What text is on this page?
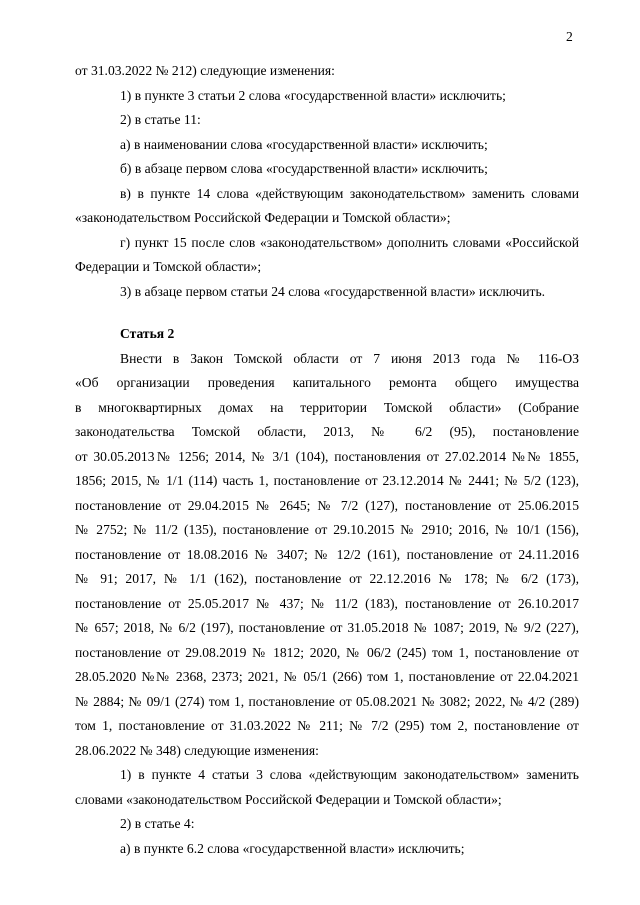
2
от 31.03.2022 № 212) следующие изменения:
1) в пункте 3 статьи 2 слова «государственной власти» исключить;
2) в статье 11:
а) в наименовании слова «государственной власти» исключить;
б) в абзаце первом слова «государственной власти» исключить;
в) в пункте 14 слова «действующим законодательством» заменить словами
«законодательством Российской Федерации и Томской области»;
г) пункт 15 после слов «законодательством» дополнить словами «Российской
Федерации и Томской области»;
3) в абзаце первом статьи 24 слова «государственной власти» исключить.
Статья 2
Внести в Закон Томской области от 7 июня 2013 года № 116-ОЗ
«Об организации проведения капитального ремонта общего имущества
в многоквартирных домах на территории Томской области» (Собрание
законодательства Томской области, 2013, № 6/2 (95), постановление
от 30.05.2013№ 1256; 2014, № 3/1 (104), постановления от 27.02.2014 №№ 1855,
1856; 2015, № 1/1 (114) часть 1, постановление от 23.12.2014 № 2441; № 5/2 (123),
постановление от 29.04.2015 № 2645; № 7/2 (127), постановление от 25.06.2015
№ 2752; № 11/2 (135), постановление от 29.10.2015 № 2910; 2016, № 10/1 (156),
постановление от 18.08.2016 № 3407; № 12/2 (161), постановление от 24.11.2016
№ 91; 2017, № 1/1 (162), постановление от 22.12.2016 № 178; № 6/2 (173),
постановление от 25.05.2017 № 437; № 11/2 (183), постановление от 26.10.2017
№ 657; 2018, № 6/2 (197), постановление от 31.05.2018 № 1087; 2019, № 9/2 (227),
постановление от 29.08.2019 № 1812; 2020, № 06/2 (245) том 1, постановление от
28.05.2020 №№ 2368, 2373; 2021, № 05/1 (266) том 1, постановление от 22.04.2021
№ 2884; № 09/1 (274) том 1, постановление от 05.08.2021 № 3082; 2022, № 4/2 (289)
том 1, постановление от 31.03.2022 № 211; № 7/2 (295) том 2, постановление от
28.06.2022 № 348) следующие изменения:
1) в пункте 4 статьи 3 слова «действующим законодательством» заменить
словами «законодательством Российской Федерации и Томской области»;
2) в статье 4:
а) в пункте 6.2 слова «государственной власти» исключить;
